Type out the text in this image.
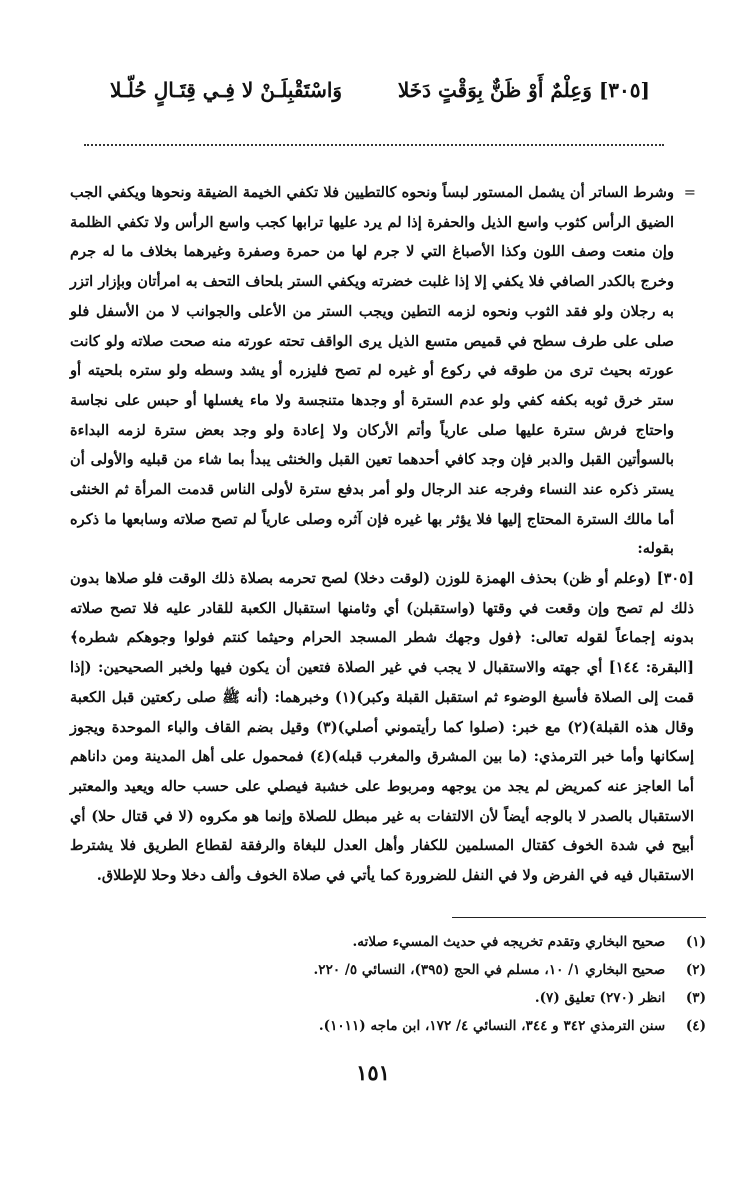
[٣٠٥] وَعِلْمٌ أَوْ ظَنٌّ بِوَقْتٍ دَخَلا
وَاسْتَقْبِلَـنْ لا فِـي قِتَـالٍ حُلّـلا
=
وشرط الساتر أن يشمل المستور لبساً ونحوه كالتطيين فلا تكفي الخيمة الضيقة ونحوها ويكفي الجب الضيق الرأس كثوب واسع الذيل والحفرة إذا لم يرد عليها ترابها كجب واسع الرأس ولا تكفي الظلمة وإن منعت وصف اللون وكذا الأصباغ التي لا جرم لها من حمرة وصفرة وغيرهما بخلاف ما له جرم وخرج بالكدر الصافي فلا يكفي إلا إذا غلبت خضرته ويكفي الستر بلحاف التحف به امرأتان وبإزار اتزر به رجلان ولو فقد الثوب ونحوه لزمه التطين ويجب الستر من الأعلى والجوانب لا من الأسفل فلو صلى على طرف سطح في قميص متسع الذيل يرى الواقف تحته عورته منه صحت صلاته ولو كانت عورته بحيث ترى من طوقه في ركوع أو غيره لم تصح فليزره أو يشد وسطه ولو ستره بلحيته أو ستر خرق ثوبه بكفه كفي ولو عدم السترة أو وجدها متنجسة ولا ماء يغسلها أو حبس على نجاسة واحتاج فرش سترة عليها صلى عارياً وأتم الأركان ولا إعادة ولو وجد بعض سترة لزمه البداءة بالسوأتين القبل والدبر فإن وجد كافي أحدهما تعين القبل والخنثى يبدأ بما شاء من قبليه والأولى أن يستر ذكره عند النساء وفرجه عند الرجال ولو أمر بدفع سترة لأولى الناس قدمت المرأة ثم الخنثى أما مالك السترة المحتاج إليها فلا يؤثر بها غيره فإن آثره وصلى عارياً لم تصح صلاته وسابعها ما ذكره بقوله:
[٣٠٥] (وعلم أو ظن) بحذف الهمزة للوزن (لوقت دخلا) لصح تحرمه بصلاة ذلك الوقت فلو صلاها بدون ذلك لم تصح وإن وقعت في وقتها (واستقبلن) أي وثامنها استقبال الكعبة للقادر عليه فلا تصح صلاته بدونه إجماعاً لقوله تعالى: ﴿فول وجهك شطر المسجد الحرام وحيثما كنتم فولوا وجوهكم شطره﴾ [البقرة: ١٤٤] أي جهته والاستقبال لا يجب في غير الصلاة فتعين أن يكون فيها ولخبر الصحيحين: (إذا قمت إلى الصلاة فأسبغ الوضوء ثم استقبل القبلة وكبر)(١) وخبرهما: (أنه ﷺ صلى ركعتين قبل الكعبة وقال هذه القبلة)(٢) مع خبر: (صلوا كما رأيتموني أصلي)(٣) وقيل بضم القاف والباء الموحدة ويجوز إسكانها وأما خبر الترمذي: (ما بين المشرق والمغرب قبله)(٤) فمحمول على أهل المدينة ومن داناهم أما العاجز عنه كمريض لم يجد من يوجهه ومربوط على خشبة فيصلي على حسب حاله ويعيد والمعتبر الاستقبال بالصدر لا بالوجه أيضاً لأن الالتفات به غير مبطل للصلاة وإنما هو مكروه (لا في قتال حلا) أي أبيح في شدة الخوف كقتال المسلمين للكفار وأهل العدل للبغاة والرفقة لقطاع الطريق فلا يشترط الاستقبال فيه في الفرض ولا في النفل للضرورة كما يأتي في صلاة الخوف وألف دخلا وحلا للإطلاق.
(١) صحيح البخاري وتقدم تخريجه في حديث المسيء صلاته.
(٢) صحيح البخاري ١/ ١٠، مسلم في الحج (٣٩٥)، النسائي ٥/ ٢٢٠.
(٣) انظر (٢٧٠) تعليق (٧).
(٤) سنن الترمذي ٣٤٢ و ٣٤٤، النسائي ٤/ ١٧٢، ابن ماجه (١٠١١).
١٥١
